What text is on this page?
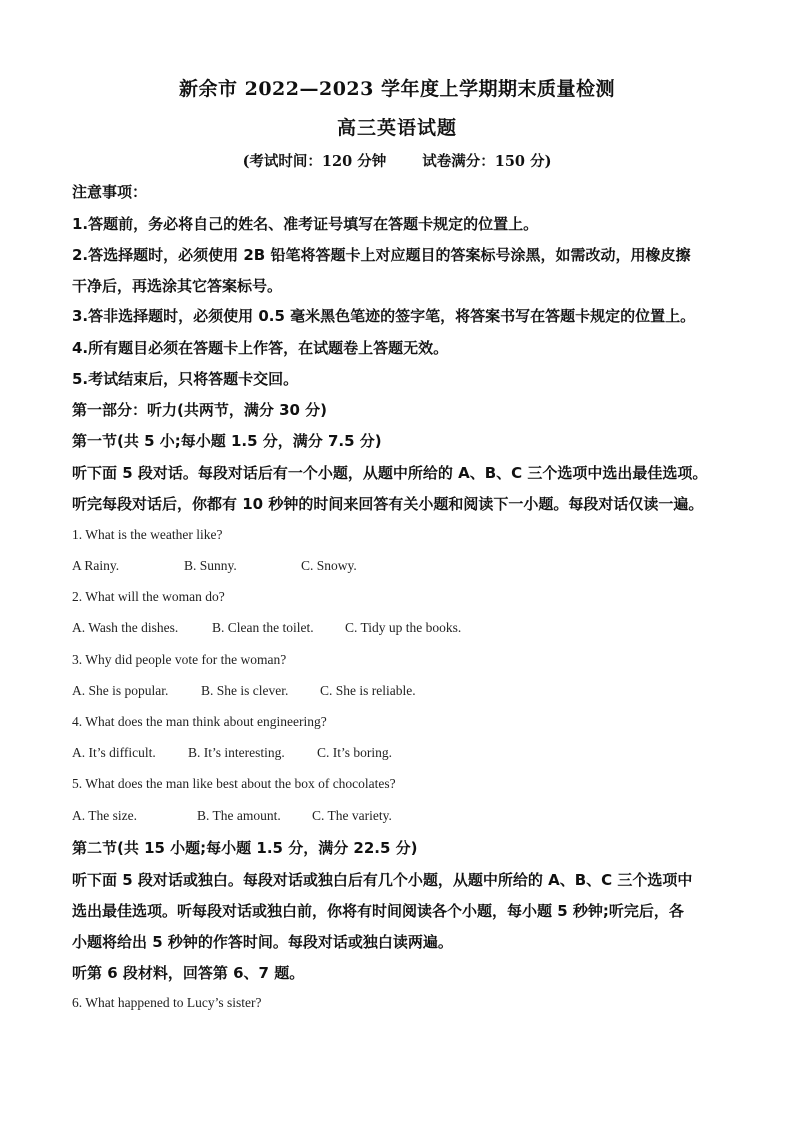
新余市 2022—2023 学年度上学期期末质量检测
高三英语试题
(考试时间：120 分钟 试卷满分：150 分)
注意事项：
1.答题前，务必将自己的姓名、准考证号填写在答题卡规定的位置上。
2.答选择题时，必须使用 2B 铅笔将答题卡上对应题目的答案标号涂黑，如需改动，用橡皮擦
干净后，再选涂其它答案标号。
3.答非选择题时，必须使用 0.5 毫米黑色笔迹的签字笔，将答案书写在答题卡规定的位置上。
4.所有题目必须在答题卡上作答，在试题卷上答题无效。
5.考试结束后，只将答题卡交回。
第一部分：听力(共两节，满分 30 分)
第一节(共 5 小;每小题 1.5 分，满分 7.5 分)
听下面 5 段对话。每段对话后有一个小题，从题中所给的 A、B、C 三个选项中选出最佳选项。
听完每段对话后，你都有 10 秒钟的时间来回答有关小题和阅读下一小题。每段对话仅读一遍。
1. What is the weather like?
A Rainy.	B. Sunny.	C. Snowy.
2. What will the woman do?
A. Wash the dishes. B. Clean the toilet. C. Tidy up the books.
3. Why did people vote for the woman?
A. She is popular. B. She is clever. C. She is reliable.
4. What does the man think about engineering?
A. It’s difficult. B. It’s interesting. C. It’s boring.
5. What does the man like best about the box of chocolates?
A. The size.	B. The amount. C. The variety.
第二节(共 15 小题;每小题 1.5 分，满分 22.5 分)
听下面 5 段对话或独白。每段对话或独白后有几个小题，从题中所给的 A、B、C 三个选项中
选出最佳选项。听每段对话或独白前，你将有时间阅读各个小题，每小题 5 秒钟;听完后，各
小题将给出 5 秒钟的作答时间。每段对话或独白读两遍。
听第 6 段材料，回答第 6、7 题。
6. What happened to Lucy’s sister?
